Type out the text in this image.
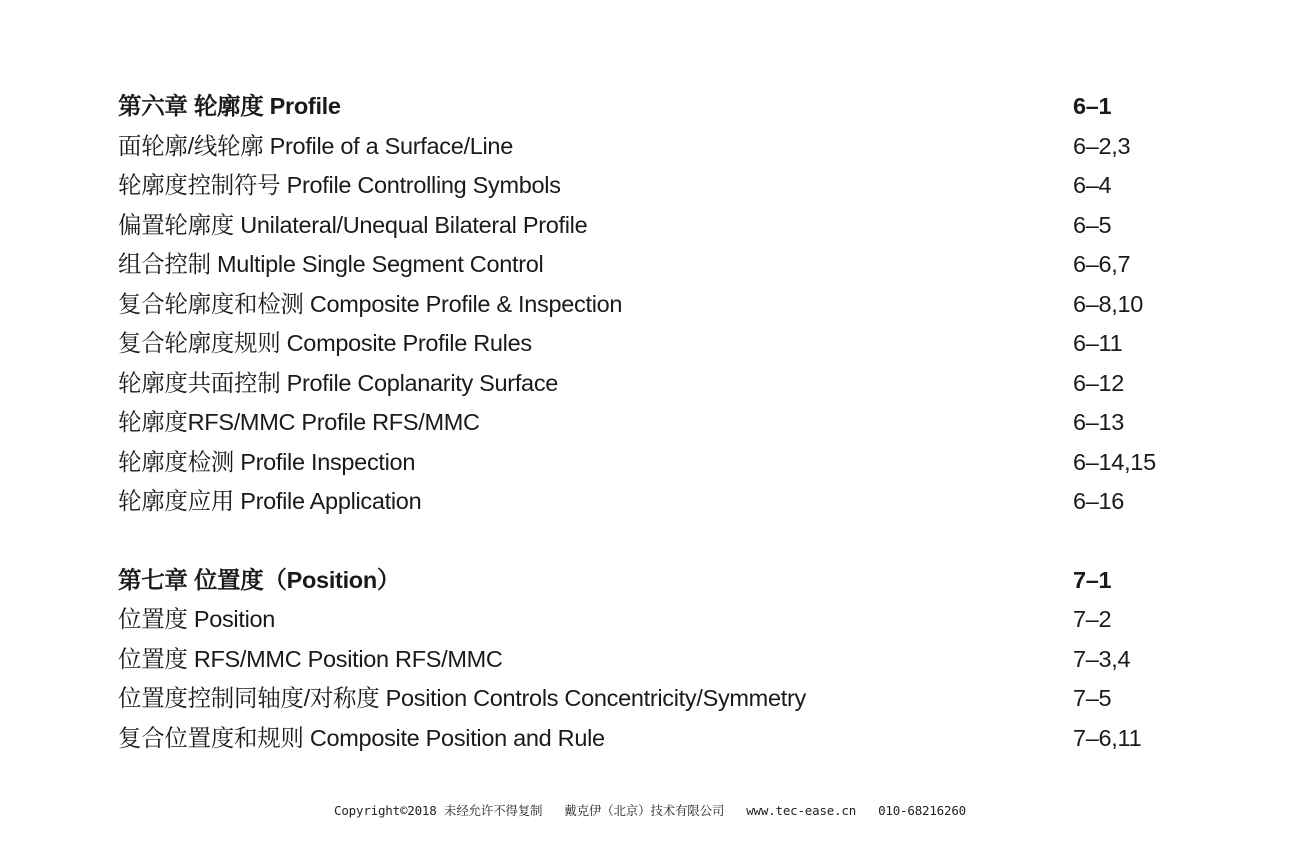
第六章 轮廓度 Profile	6–1
面轮廓/线轮廓 Profile of a Surface/Line	6–2,3
轮廓度控制符号 Profile Controlling Symbols	6–4
偏置轮廓度 Unilateral/Unequal Bilateral Profile	6–5
组合控制 Multiple Single Segment Control	6–6,7
复合轮廓度和检测 Composite Profile & Inspection	6–8,10
复合轮廓度规则 Composite Profile Rules	6–11
轮廓度共面控制 Profile Coplanarity Surface	6–12
轮廓度RFS/MMC Profile RFS/MMC	6–13
轮廓度检测 Profile Inspection	6–14,15
轮廓度应用 Profile Application	6–16
第七章 位置度（Position）	7–1
位置度 Position	7–2
位置度 RFS/MMC Position RFS/MMC	7–3,4
位置度控制同轴度/对称度 Position Controls Concentricity/Symmetry	7–5
复合位置度和规则 Composite Position and Rule	7–6,11
Copyright©2018 未经允许不得复制 戴克伊（北京）技术有限公司 www.tec-ease.cn 010-68216260
